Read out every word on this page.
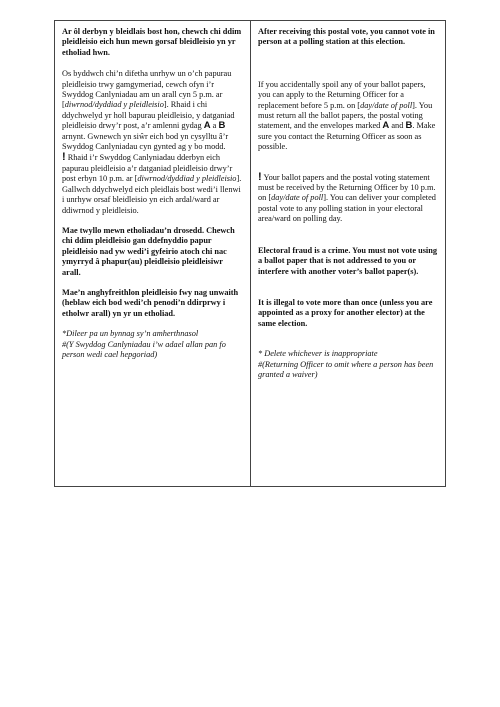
Ar ôl derbyn y bleidlais bost hon, chewch chi ddim pleidleisio eich hun mewn gorsaf bleidleisio yn yr etholiad hwn.

Os byddwch chi’n difetha unrhyw un o’ch papurau pleidleisio trwy gamgymeriad, cewch ofyn i’r Swyddog Canlyniadau am un arall cyn 5 p.m. ar [diwrnod/dyddiad y pleidleisio]. Rhaid i chi ddychwelyd yr holl bapurau pleidleisio, y datganiad pleidleisio drwy’r post, a’r amlenni gydag A a B arnynt. Gwnewch yn siŵr eich bod yn cysylltu â’r Swyddog Canlyniadau cyn gynted ag y bo modd.

! Rhaid i’r Swyddog Canlyniadau dderbyn eich papurau pleidleisio a’r datganiad pleidleisio drwy’r post erbyn 10 p.m. ar [diwrnod/dyddiad y pleidleisio]. Gallwch ddychwelyd eich pleidlais bost wedi’i llenwi i unrhyw orsaf bleidleisio yn eich ardal/ward ar ddiwrnod y pleidleisio.

Mae twyllo mewn etholiadau’n drosedd. Chewch chi ddim pleidleisio gan ddefnyddio papur pleidleisio nad yw wedi’i gyfeirio atoch chi nac ymyrryd â phapur(au) pleidleisio pleidleisiwr arall.

Mae’n anghyfreithlon pleidleisio fwy nag unwaith (heblaw eich bod wedi’ch penodi’n ddirprwy i etholwr arall) yn yr un etholiad.

*Dileer pa un bynnag sy’n amherthnasol

#(Y Swyddog Canlyniadau i’w adael allan pan fo person wedi cael hepgoriad)

After receiving this postal vote, you cannot vote in person at a polling station at this election.

If you accidentally spoil any of your ballot papers, you can apply to the Returning Officer for a replacement before 5 p.m. on [day/date of poll]. You must return all the ballot papers, the postal voting statement, and the envelopes marked A and B. Make sure you contact the Returning Officer as soon as possible.

! Your ballot papers and the postal voting statement must be received by the Returning Officer by 10 p.m. on [day/date of poll]. You can deliver your completed postal vote to any polling station in your electoral area/ward on polling day.

Electoral fraud is a crime. You must not vote using a ballot paper that is not addressed to you or interfere with another voter’s ballot paper(s).

It is illegal to vote more than once (unless you are appointed as a proxy for another elector) at the same election.

* Delete whichever is inappropriate

#(Returning Officer to omit where a person has been granted a waiver)
